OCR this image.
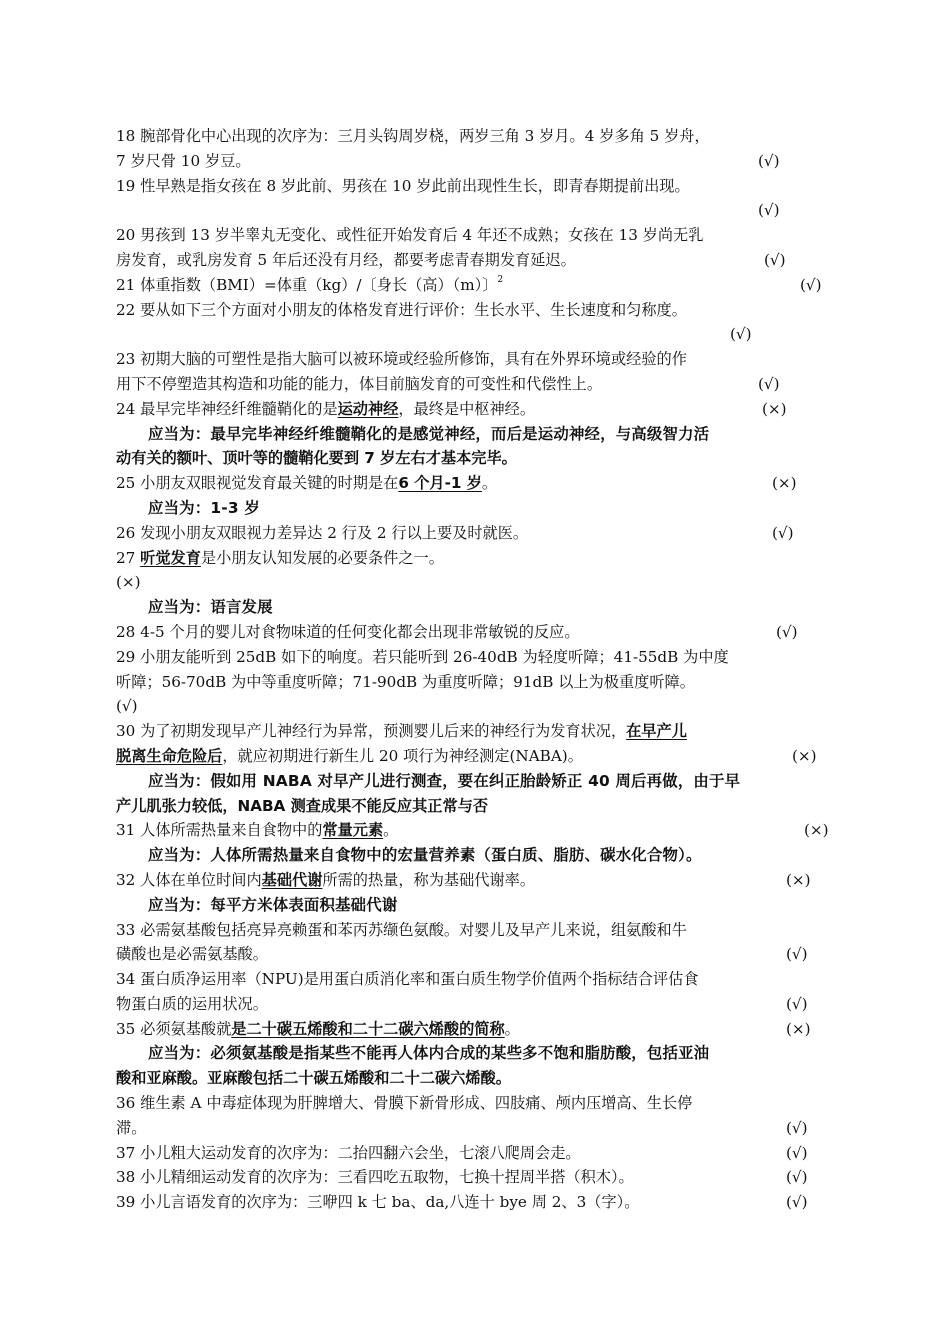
18 腕部骨化中心出现的次序为：三月头钩周岁桡，两岁三角 3 岁月。4 岁多角 5 岁舟，
7 岁尺骨 10 岁豆。	(√)
19 性早熟是指女孩在 8 岁此前、男孩在 10 岁此前出现性生长，即青春期提前出现。
(√)
20 男孩到 13 岁半睾丸无变化、或性征开始发育后 4 年还不成熟；女孩在 13 岁尚无乳
房发育，或乳房发育 5 年后还没有月经，都要考虑青春期发育延迟。	(√)
21 体重指数（BMI）=体重（kg）/〔身长（高）（m）〕$^2$	(√)
22 要从如下三个方面对小朋友的体格发育进行评价：生长水平、生长速度和匀称度。
(√)
23 初期大脑的可塑性是指大脑可以被环境或经验所修饰，具有在外界环境或经验的作
用下不停塑造其构造和功能的能力，体目前脑发育的可变性和代偿性上。	(√)
24 最早完毕神经纤维髓鞘化的是运动神经，最终是中枢神经。	(×)
应当为：最早完毕神经纤维髓鞘化的是感觉神经，而后是运动神经，与高级智力活
动有关的额叶、顶叶等的髓鞘化要到 7 岁左右才基本完毕。
25 小朋友双眼视觉发育最关键的时期是在6 个月-1 岁。	(×)
应当为：1-3 岁
26 发现小朋友双眼视力差异达 2 行及 2 行以上要及时就医。	(√)
27 听觉发育是小朋友认知发展的必要条件之一。
(×)
应当为：语言发展
28 4-5 个月的婴儿对食物味道的任何变化都会出现非常敏锐的反应。	(√)
29 小朋友能听到 25dB 如下的响度。若只能听到 26-40dB 为轻度听障；41-55dB 为中度
听障；56-70dB 为中等重度听障；71-90dB 为重度听障；91dB 以上为极重度听障。
(√)
30 为了初期发现早产儿神经行为异常，预测婴儿后来的神经行为发育状况，在早产儿
脱离生命危险后，就应初期进行新生儿 20 项行为神经测定(NABA)。	(×)
应当为：假如用 NABA 对早产儿进行测查，要在纠正胎龄矫正 40 周后再做，由于早
产儿肌张力较低，NABA 测查成果不能反应其正常与否
31 人体所需热量来自食物中的常量元素。	(×)
应当为：人体所需热量来自食物中的宏量营养素（蛋白质、脂肪、碳水化合物）。
32 人体在单位时间内基础代谢所需的热量，称为基础代谢率。	(×)
应当为：每平方米体表面积基础代谢
33 必需氨基酸包括亮异亮赖蛋和苯丙苏缬色氨酸。对婴儿及早产儿来说，组氨酸和牛
磺酸也是必需氨基酸。	(√)
34 蛋白质净运用率（NPU)是用蛋白质消化率和蛋白质生物学价值两个指标结合评估食
物蛋白质的运用状况。	(√)
35 必须氨基酸就是二十碳五烯酸和二十二碳六烯酸的简称。	(×)
应当为：必须氨基酸是指某些不能再人体内合成的某些多不饱和脂肪酸，包括亚油
酸和亚麻酸。亚麻酸包括二十碳五烯酸和二十二碳六烯酸。
36 维生素 A 中毒症体现为肝脾增大、骨膜下新骨形成、四肢痛、颅内压增高、生长停
滞。	(√)
37 小儿粗大运动发育的次序为：二抬四翻六会坐，七滚八爬周会走。	(√)
38 小儿精细运动发育的次序为：三看四吃五取物，七换十捏周半搭（积木）。	(√)
39 小儿言语发育的次序为：三咿四 k 七 ba、da,八连十 bye 周 2、3（字）。	(√)
